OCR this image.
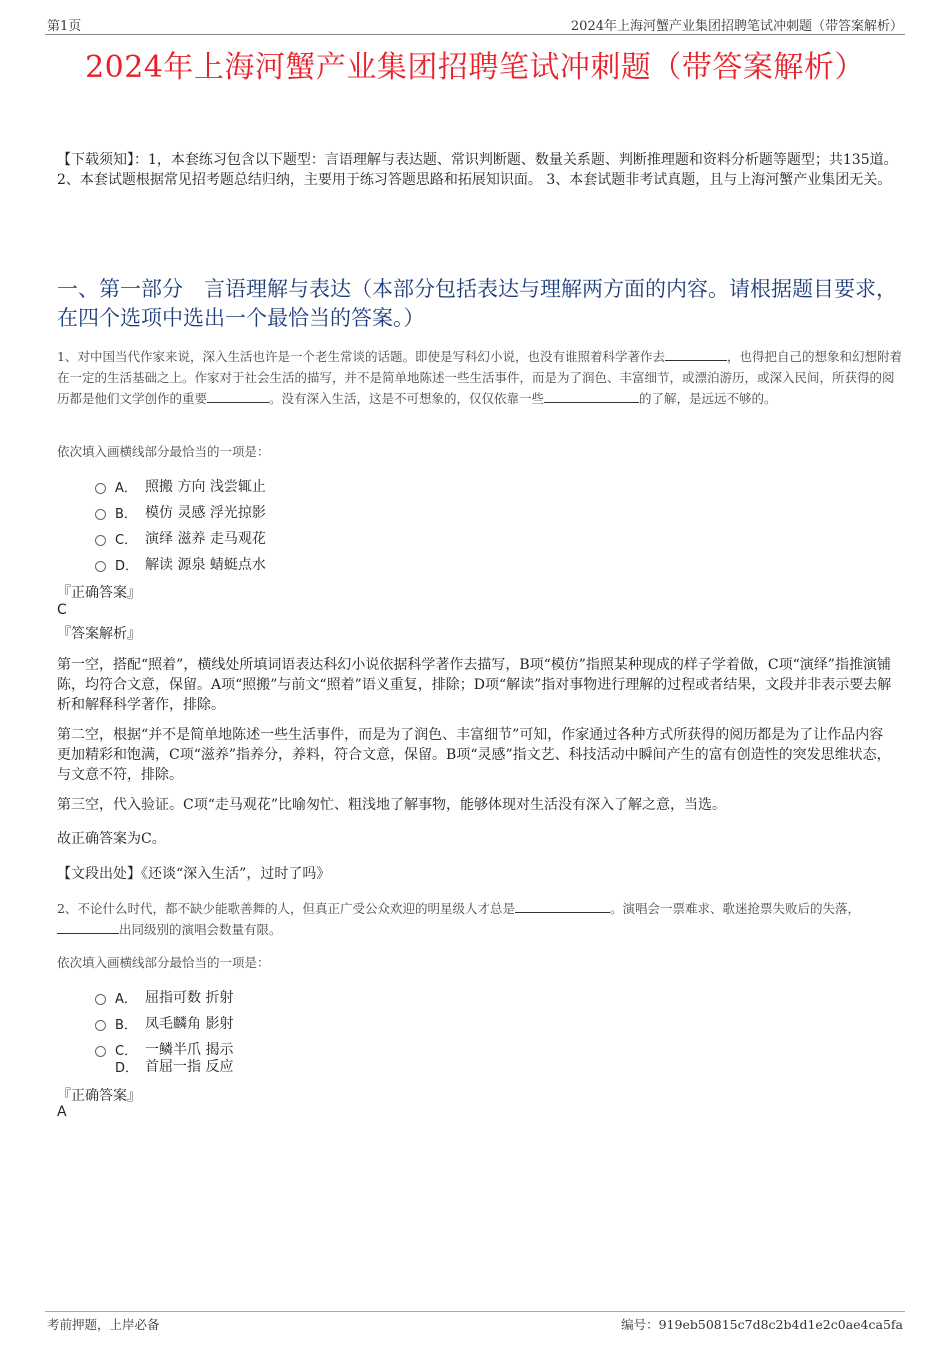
第1页	2024年上海河蟹产业集团招聘笔试冲刺题（带答案解析）
2024年上海河蟹产业集团招聘笔试冲刺题（带答案解析）
【下载须知】：1，本套练习包含以下题型：言语理解与表达题、常识判断题、数量关系题、判断推理题和资料分析题等题型；共135道。 2、本套试题根据常见招考题总结归纳，主要用于练习答题思路和拓展知识面。 3、本套试题非考试真题，且与上海河蟹产业集团无关。
一、第一部分　言语理解与表达（本部分包括表达与理解两方面的内容。请根据题目要求，在四个选项中选出一个最恰当的答案。）
1、对中国当代作家来说，深入生活也许是一个老生常谈的话题。即使是写科幻小说，也没有谁照着科学著作去	，也得把自己的想象和幻想附着在一定的生活基础之上。作家对于社会生活的描写，并不是简单地陈述一些生活事件，而是为了润色、丰富细节，或漂泊游历，或深入民间，所获得的阅历都是他们文学创作的重要	。没有深入生活，这是不可想象的，仅仅依靠一些	的了解，是远远不够的。
依次填入画横线部分最恰当的一项是：
A． 照搬 方向 浅尝辄止
B． 模仿 灵感 浮光掠影
C． 演绎 滋养 走马观花
D． 解读 源泉 蜻蜓点水
『正确答案』
C
『答案解析』
第一空，搭配“照着”，横线处所填词语表达科幻小说依据科学著作去描写，B项“模仿”指照某种现成的样子学着做，C项“演绎”指推演铺陈，均符合文意，保留。A项“照搬”与前文“照着”语义重复，排除；D项“解读”指对事物进行理解的过程或者结果，文段并非表示要去解析和解释科学著作，排除。
第二空，根据“并不是简单地陈述一些生活事件，而是为了润色、丰富细节”可知，作家通过各种方式所获得的阅历都是为了让作品内容更加精彩和饱满，C项“滋养”指养分，养料，符合文意，保留。B项“灵感”指文艺、科技活动中瞬间产生的富有创造性的突发思维状态，与文意不符，排除。
第三空，代入验证。C项“走马观花”比喻匆忙、粗浅地了解事物，能够体现对生活没有深入了解之意，当选。
故正确答案为C。
【文段出处】《还谈“深入生活”，过时了吗》
2、不论什么时代，都不缺少能歌善舞的人，但真正广受公众欢迎的明星级人才总是	。演唱会一票难求、歌迷抢票失败后的失落，出同级别的演唱会数量有限。
依次填入画横线部分最恰当的一项是：
A． 屈指可数 折射
B． 凤毛麟角 影射
C． 一鳞半爪 揭示
D． 首屈一指 反应
『正确答案』
A
考前押题，上岸必备	编号：919eb50815c7d8c2b4d1e2c0ae4ca5fa
